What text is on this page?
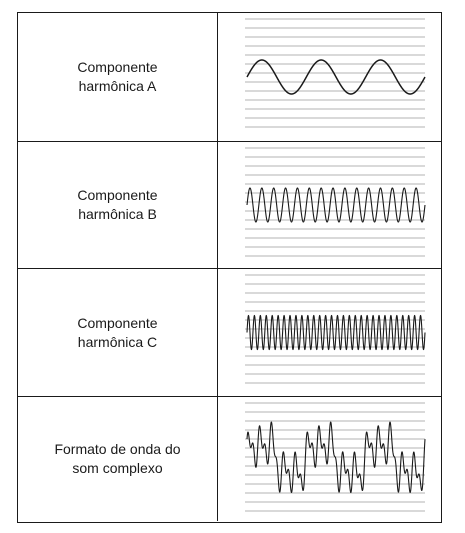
Componente
harmônica A
Componente
harmônica B
Componente
harmônica C
Formato de onda do
som complexo
